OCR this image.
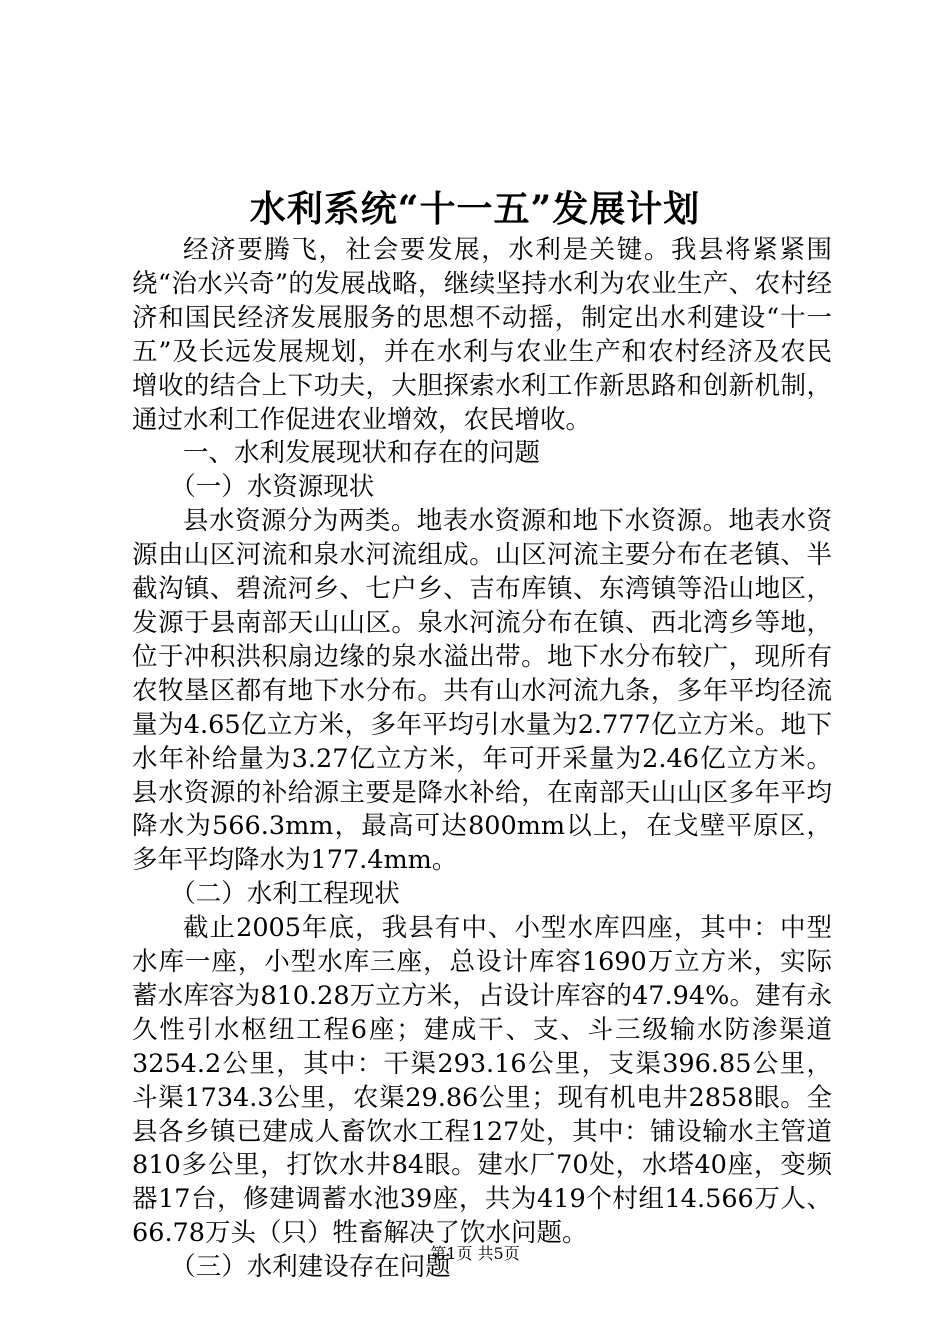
水利系统“十一五”发展计划

经济要腾飞，社会要发展，水利是关键。我县将紧紧围绕“治水兴奇”的发展战略，继续坚持水利为农业生产、农村经济和国民经济发展服务的思想不动摇，制定出水利建设“十一五”及长远发展规划，并在水利与农业生产和农村经济及农民增收的结合上下功夫，大胆探索水利工作新思路和创新机制，通过水利工作促进农业增效，农民增收。

一、水利发展现状和存在的问题

（一）水资源现状

县水资源分为两类。地表水资源和地下水资源。地表水资源由山区河流和泉水河流组成。山区河流主要分布在老镇、半截沟镇、碧流河乡、七户乡、吉布库镇、东湾镇等沿山地区，发源于县南部天山山区。泉水河流分布在镇、西北湾乡等地，位于冲积洪积扇边缘的泉水溢出带。地下水分布较广，现所有农牧垦区都有地下水分布。共有山水河流九条，多年平均径流量为4.65亿立方米，多年平均引水量为2.777亿立方米。地下水年补给量为3.27亿立方米，年可开采量为2.46亿立方米。县水资源的补给源主要是降水补给，在南部天山山区多年平均降水为566.3mm，最高可达800mm以上，在戈壁平原区，多年平均降水为177.4mm。

（二）水利工程现状

截止2005年底，我县有中、小型水库四座，其中：中型水库一座，小型水库三座，总设计库容1690万立方米，实际蓄水库容为810.28万立方米，占设计库容的47.94%。建有永久性引水枢纽工程6座；建成干、支、斗三级输水防渗渠道3254.2公里，其中：干渠293.16公里，支渠396.85公里，斗渠1734.3公里，农渠29.86公里；现有机电井2858眼。全县各乡镇已建成人畜饮水工程127处，其中：铺设输水主管道810多公里，打饮水井84眼。建水厂70处，水塔40座，变频器17台，修建调蓄水池39座，共为419个村组14.566万人、66.78万头（只）牲畜解决了饮水问题。

（三）水利建设存在问题

第1页 共5页
